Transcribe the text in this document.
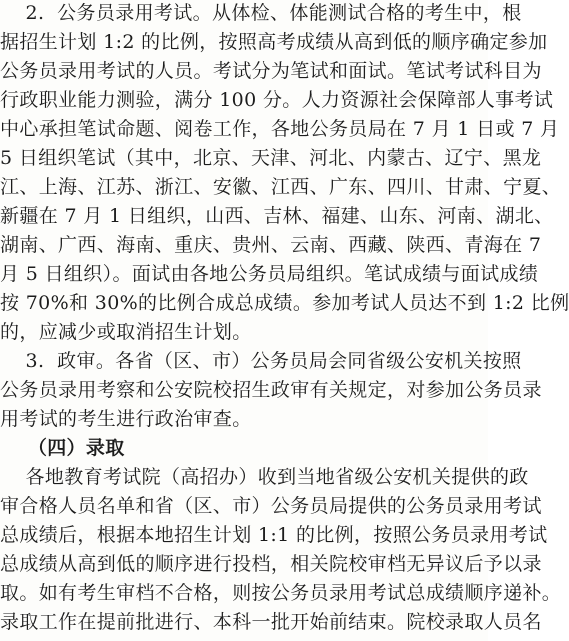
2.  公务员录用考试。从体检、体能测试合格的考生中，根
据招生计划 1:2 的比例，按照高考成绩从高到低的顺序确定参加
公务员录用考试的人员。考试分为笔试和面试。笔试考试科目为
行政职业能力测验，满分 100 分。人力资源社会保障部人事考试
中心承担笔试命题、阅卷工作，各地公务员局在 7 月 1 日或 7 月
5 日组织笔试（其中，北京、天津、河北、内蒙古、辽宁、黑龙
江、上海、江苏、浙江、安徽、江西、广东、四川、甘肃、宁夏、
新疆在 7 月 1 日组织，山西、吉林、福建、山东、河南、湖北、
湖南、广西、海南、重庆、贵州、云南、西藏、陕西、青海在 7
月 5 日组织）。面试由各地公务员局组织。笔试成绩与面试成绩
按 70%和 30%的比例合成总成绩。参加考试人员达不到 1:2 比例
的，应减少或取消招生计划。
3.  政审。各省（区、市）公务员局会同省级公安机关按照
公务员录用考察和公安院校招生政审有关规定，对参加公务员录
用考试的考生进行政治审查。
（四）录取
各地教育考试院（高招办）收到当地省级公安机关提供的政
审合格人员名单和省（区、市）公务员局提供的公务员录用考试
总成绩后，根据本地招生计划 1:1 的比例，按照公务员录用考试
总成绩从高到低的顺序进行投档，相关院校审档无异议后予以录
取。如有考生审档不合格，则按公务员录用考试总成绩顺序递补。
录取工作在提前批进行、本科一批开始前结束。院校录取人员名
